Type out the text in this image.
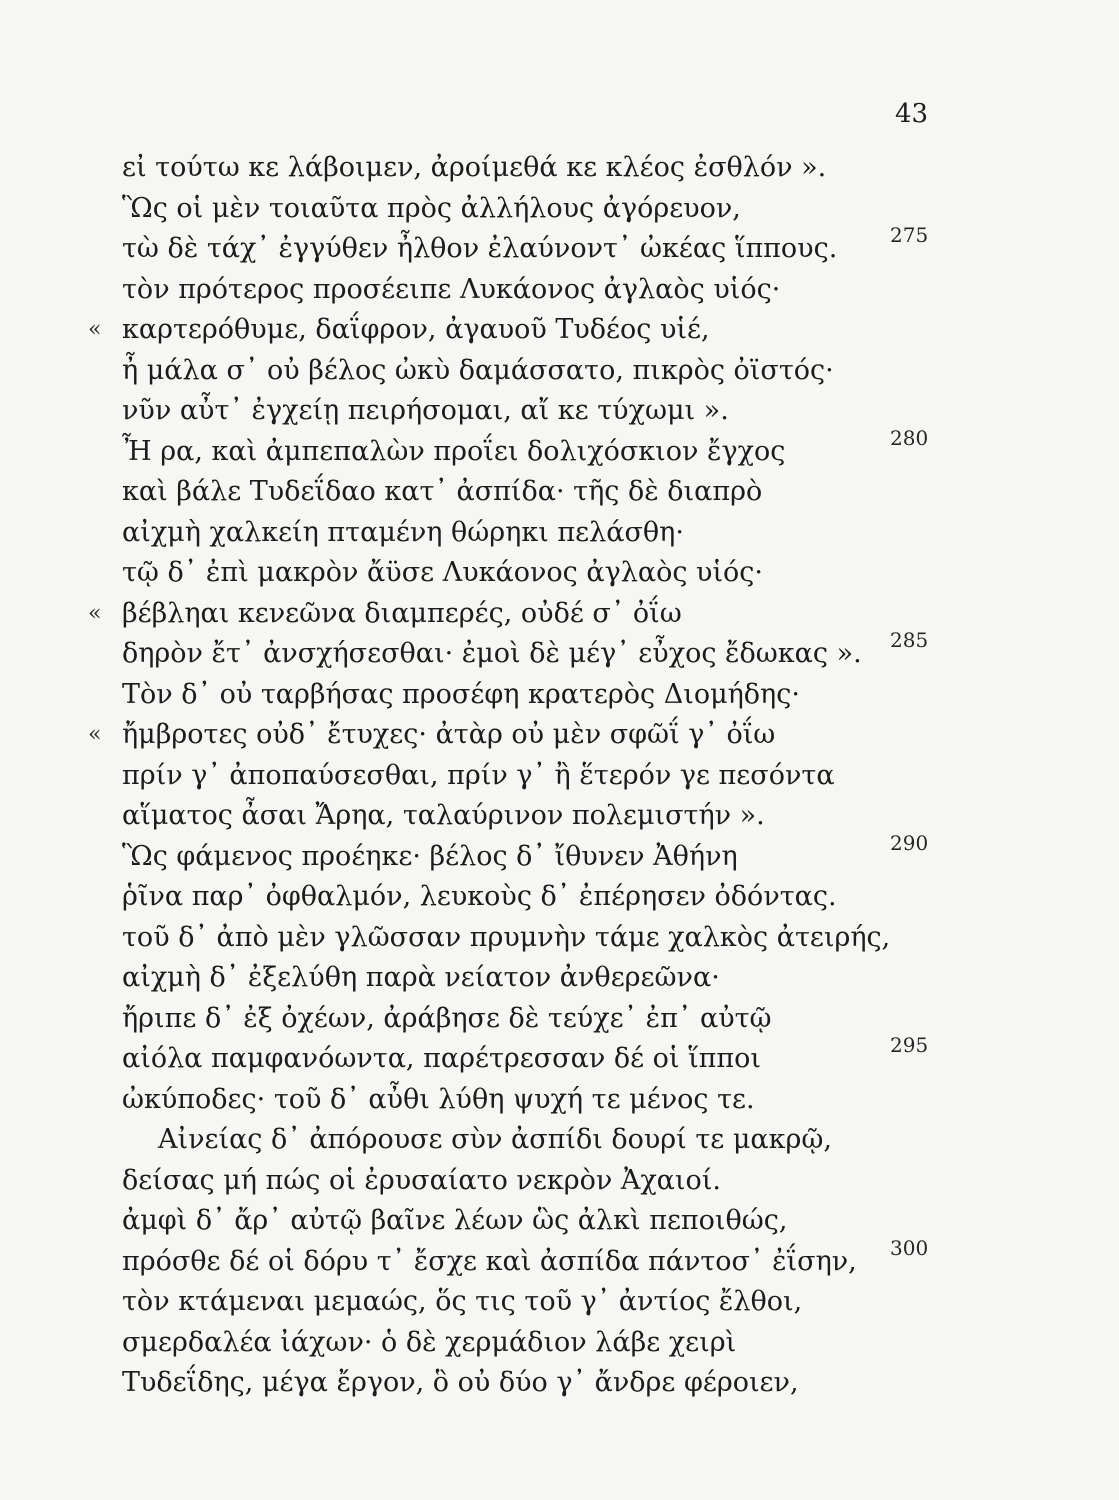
43
εἰ τούτω κε λάβοιμεν, ἀροίμεθά κε κλέος ἐσθλόν ».
Ὣς οἱ μὲν τοιαῦτα πρὸς ἀλλήλους ἀγόρευον,
τὼ δὲ τάχ᾽ ἐγγύθεν ἦλθον ἐλαύνοντ᾽ ὠκέας ἵππους.	275
τὸν πρότερος προσέειπε Λυκάονος ἀγλαὸς υἱός·
« καρτερόθυμε, δαΐφρον, ἀγαυοῦ Τυδέος υἱέ,
ἦ μάλα σ᾽ οὐ βέλος ὠκὺ δαμάσσατο, πικρὸς ὀϊστός·
νῦν αὖτ᾽ ἐγχείῃ πειρήσομαι, αἴ κε τύχωμι ».
Ἦ ρα, καὶ ἀμπεπαλὼν προΐει δολιχόσκιον ἔγχος	280
καὶ βάλε Τυδεΐδαο κατ᾽ ἀσπίδα· τῆς δὲ διαπρὸ
αἰχμὴ χαλκείη πταμένη θώρηκι πελάσθη·
τῷ δ᾽ ἐπὶ μακρὸν ἄϋσε Λυκάονος ἀγλαὸς υἱός·
« βέβληαι κενεῶνα διαμπερές, οὐδέ σ᾽ ὀΐω
δηρὸν ἔτ᾽ ἀνσχήσεσθαι· ἐμοὶ δὲ μέγ᾽ εὖχος ἔδωκας ». 285
Τὸν δ᾽ οὐ ταρβήσας προσέφη κρατερὸς Διομήδης·
« ἤμβροτες οὐδ᾽ ἔτυχες· ἀτὰρ οὐ μὲν σφῶΐ γ᾽ ὀΐω
πρίν γ᾽ ἀποπαύσεσθαι, πρίν γ᾽ ἢ ἕτερόν γε πεσόντα
αἵματος ἆσαι Ἄρηα, ταλαύρινον πολεμιστήν ».
Ὣς φάμενος προέηκε· βέλος δ᾽ ἴθυνεν Ἀθήνη	290
ῥῖνα παρ᾽ ὀφθαλμόν, λευκοὺς δ᾽ ἐπέρησεν ὀδόντας.
τοῦ δ᾽ ἀπὸ μὲν γλῶσσαν πρυμνὴν τάμε χαλκὸς ἀτειρής,
αἰχμὴ δ᾽ ἐξελύθη παρὰ νείατον ἀνθερεῶνα·
ἤριπε δ᾽ ἐξ ὀχέων, ἀράβησε δὲ τεύχε᾽ ἐπ᾽ αὐτῷ
αἰόλα παμφανόωντα, παρέτρεσσαν δέ οἱ ἵπποι	295
ὠκύποδες· τοῦ δ᾽ αὖθι λύθη ψυχή τε μένος τε.
Αἰνείας δ᾽ ἀπόρουσε σὺν ἀσπίδι δουρί τε μακρῷ,
δείσας μή πώς οἱ ἐρυσαίατο νεκρὸν Ἀχαιοί.
ἀμφὶ δ᾽ ἄρ᾽ αὐτῷ βαῖνε λέων ὣς ἀλκὶ πεποιθώς,
πρόσθε δέ οἱ δόρυ τ᾽ ἔσχε καὶ ἀσπίδα πάντοσ᾽ ἐΐσην, 300
τὸν κτάμεναι μεμαώς, ὅς τις τοῦ γ᾽ ἀντίος ἔλθοι,
σμερδαλέα ἰάχων· ὁ δὲ χερμάδιον λάβε χειρὶ
Τυδεΐδης, μέγα ἔργον, ὃ οὐ δύο γ᾽ ἄνδρε φέροιεν,
